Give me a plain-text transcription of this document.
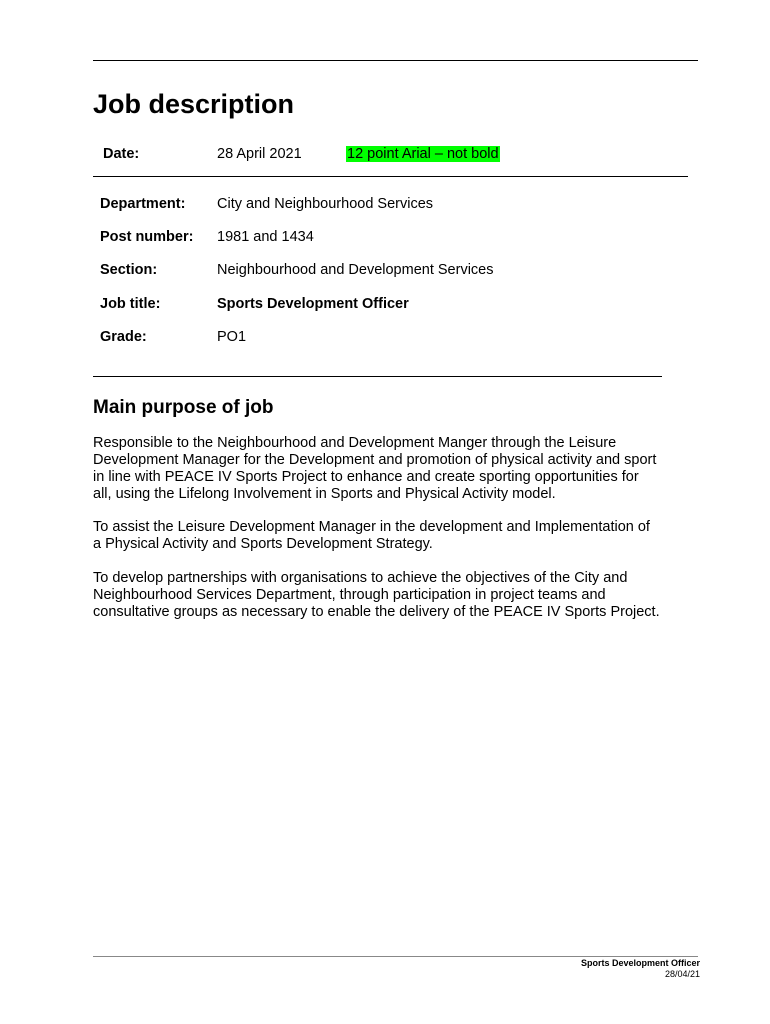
Job description
Date:	28 April 2021	12 point Arial – not bold
Department: City and Neighbourhood Services
Post number: 1981 and 1434
Section:	Neighbourhood and Development Services
Job title:	Sports Development Officer
Grade:	PO1
Main purpose of job
Responsible to the Neighbourhood and Development Manger through the Leisure
Development Manager for the Development and promotion of physical activity and sport
in line with PEACE IV Sports Project to enhance and create sporting opportunities for
all, using the Lifelong Involvement in Sports and Physical Activity model.
To assist the Leisure Development Manager in the development and Implementation of
a Physical Activity and Sports Development Strategy.
To develop partnerships with organisations to achieve the objectives of the City and
Neighbourhood Services Department, through participation in project teams and
consultative groups as necessary to enable the delivery of the PEACE IV Sports Project.
Sports Development Officer
28/04/21
